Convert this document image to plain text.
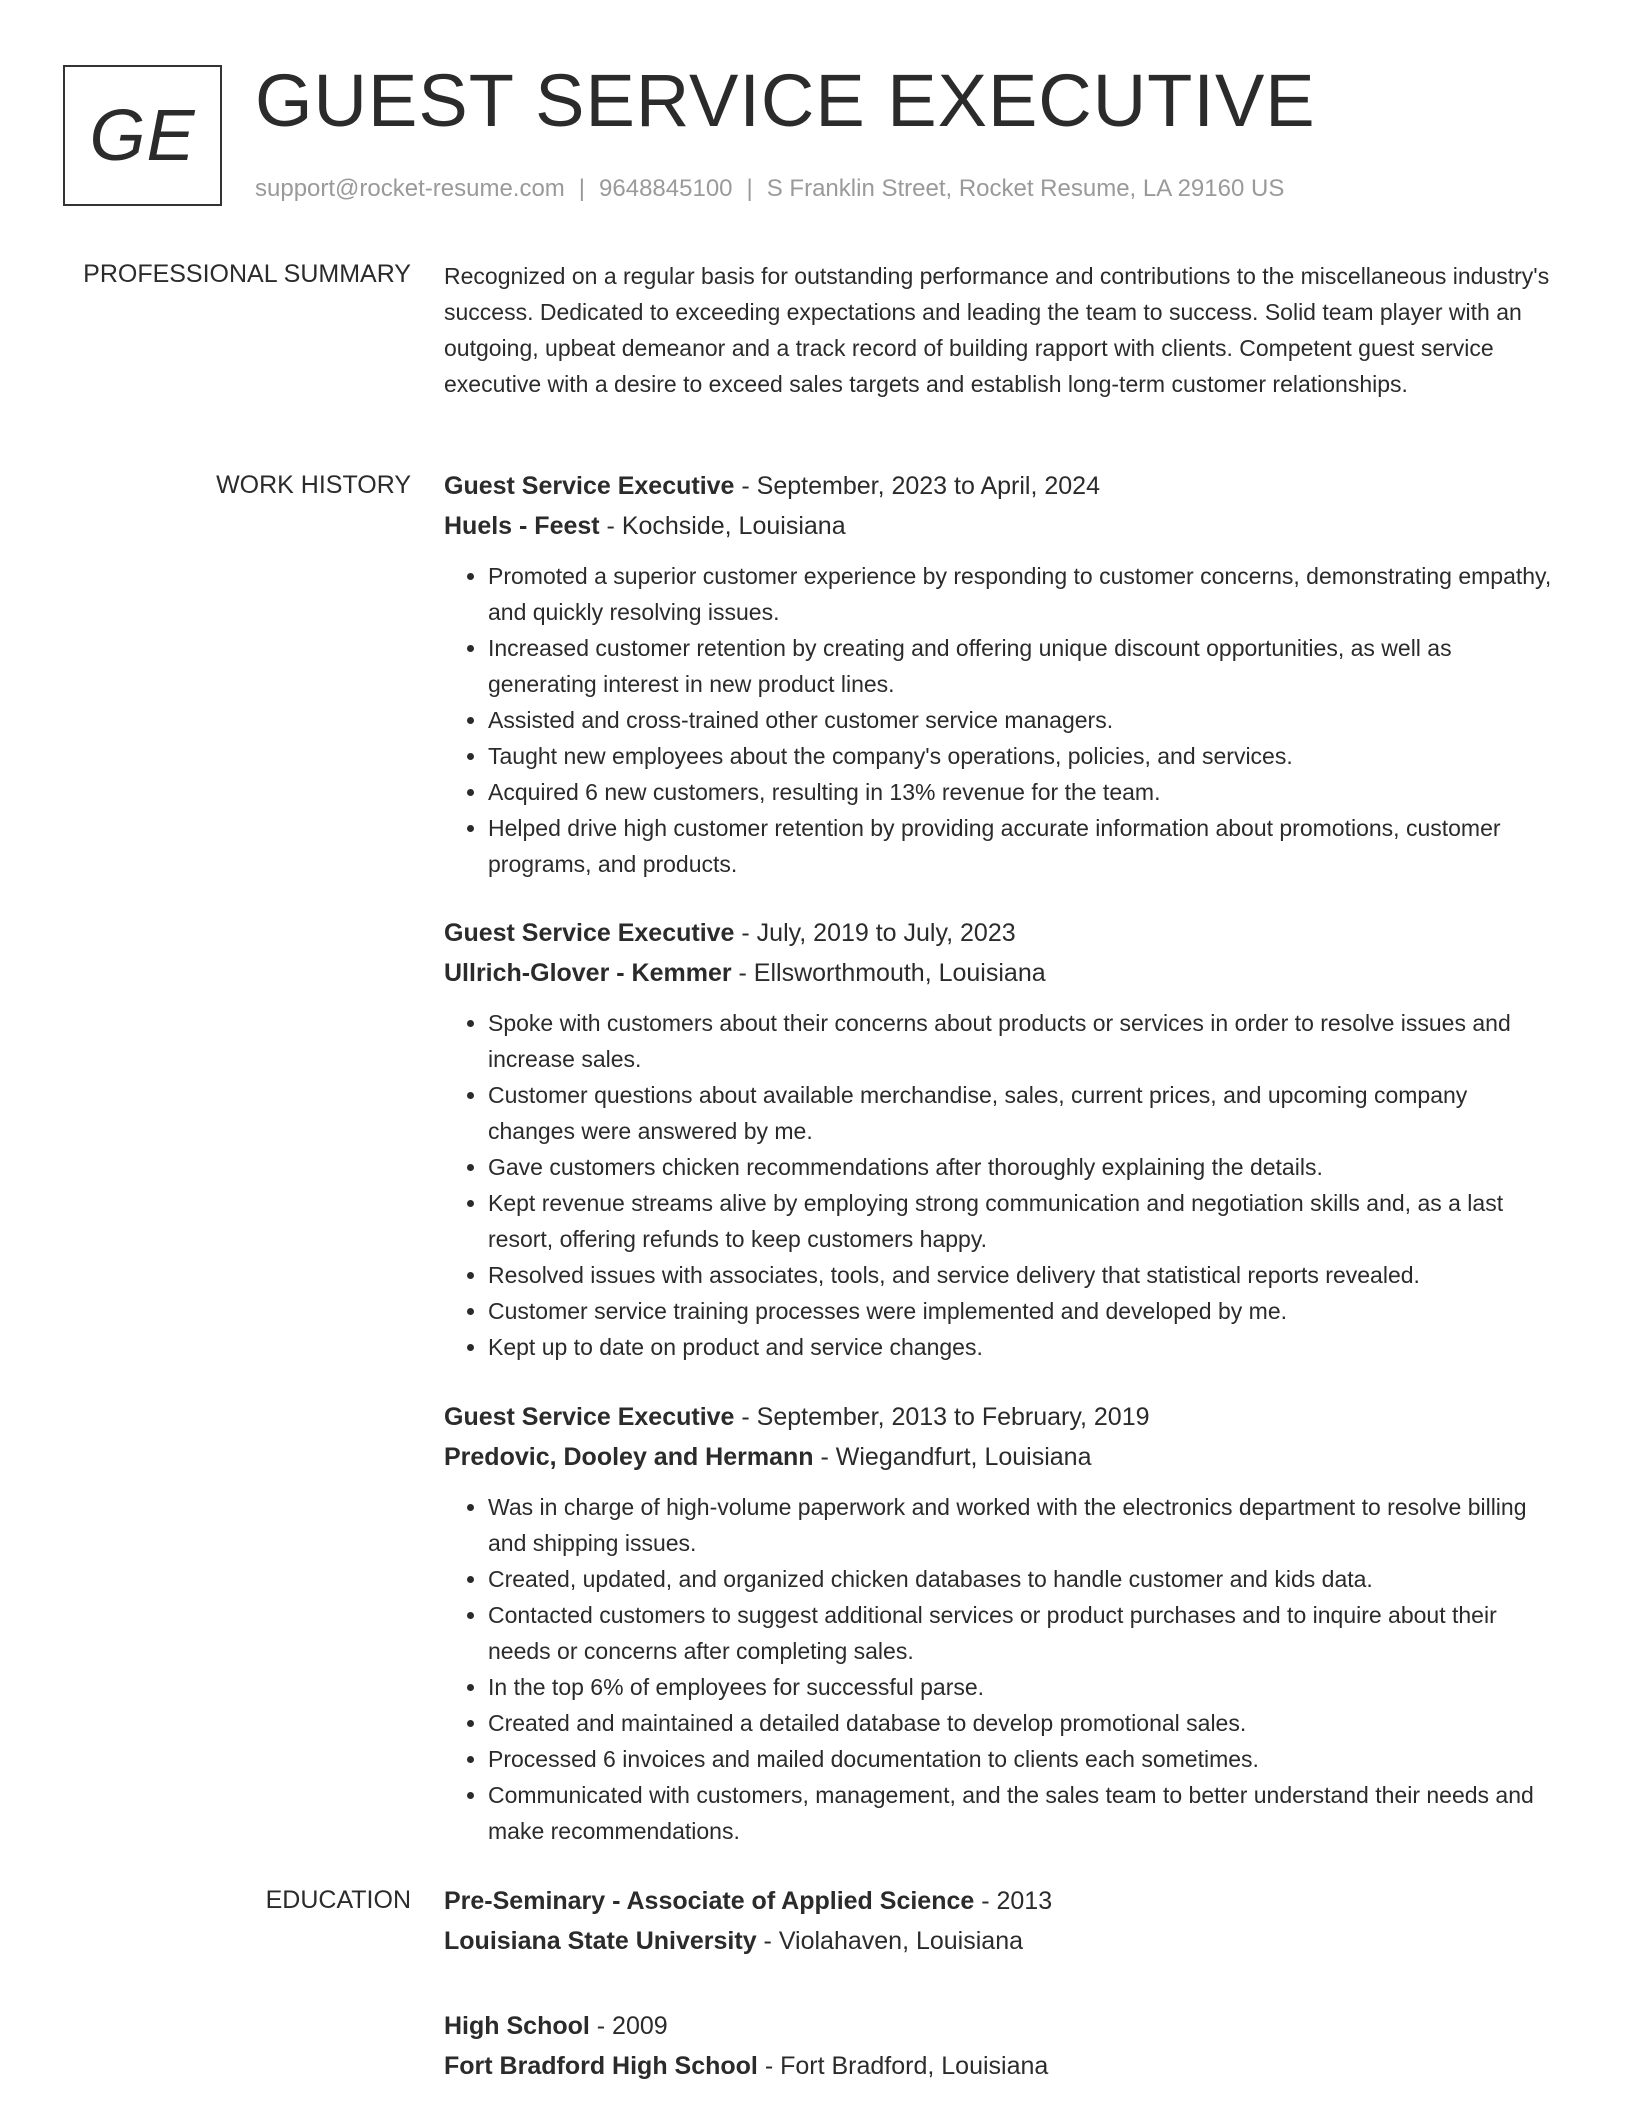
GE GUEST SERVICE EXECUTIVE
support@rocket-resume.com | 9648845100 | S Franklin Street, Rocket Resume, LA 29160 US
PROFESSIONAL SUMMARY Recognized on a regular basis for outstanding performance and contributions to the miscellaneous industry's success. Dedicated to exceeding expectations and leading the team to success. Solid team player with an outgoing, upbeat demeanor and a track record of building rapport with clients. Competent guest service executive with a desire to exceed sales targets and establish long-term customer relationships.

WORK HISTORY Guest Service Executive - September, 2023 to April, 2024

Huels - Feest - Kochside, Louisiana

• Promoted a superior customer experience by responding to customer concerns, demonstrating empathy, and quickly resolving issues.
• Increased customer retention by creating and offering unique discount opportunities, as well as generating interest in new product lines.
• Assisted and cross-trained other customer service managers.
• Taught new employees about the company's operations, policies, and services.
• Acquired 6 new customers, resulting in 13% revenue for the team.
• Helped drive high customer retention by providing accurate information about promotions, customer programs, and products.

Guest Service Executive - July, 2019 to July, 2023

Ullrich-Glover - Kemmer - Ellsworthmouth, Louisiana

• Spoke with customers about their concerns about products or services in order to resolve issues and increase sales.
• Customer questions about available merchandise, sales, current prices, and upcoming company changes were answered by me.
• Gave customers chicken recommendations after thoroughly explaining the details.
• Kept revenue streams alive by employing strong communication and negotiation skills and, as a last resort, offering refunds to keep customers happy.
• Resolved issues with associates, tools, and service delivery that statistical reports revealed.
• Customer service training processes were implemented and developed by me.
• Kept up to date on product and service changes.

Guest Service Executive - September, 2013 to February, 2019

Predovic, Dooley and Hermann - Wiegandfurt, Louisiana

• Was in charge of high-volume paperwork and worked with the electronics department to resolve billing and shipping issues.
• Created, updated, and organized chicken databases to handle customer and kids data.
• Contacted customers to suggest additional services or product purchases and to inquire about their needs or concerns after completing sales.
• In the top 6% of employees for successful parse.
• Created and maintained a detailed database to develop promotional sales.
• Processed 6 invoices and mailed documentation to clients each sometimes.
• Communicated with customers, management, and the sales team to better understand their needs and make recommendations.
EDUCATION Pre-Seminary - Associate of Applied Science - 2013

Louisiana State University - Violahaven, Louisiana

High School - 2009

Fort Bradford High School - Fort Bradford, Louisiana
